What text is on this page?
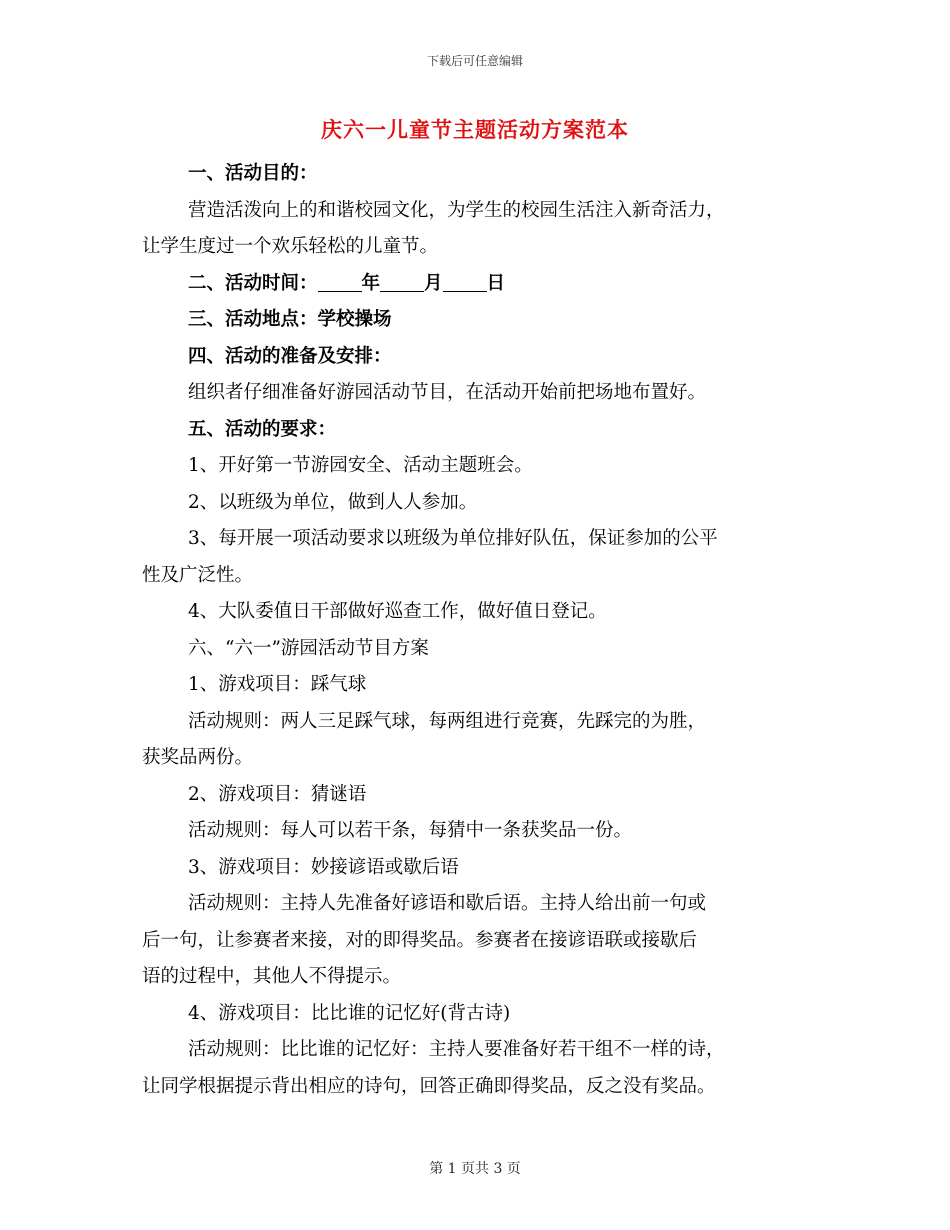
下载后可任意编辑
庆六一儿童节主题活动方案范本
一、活动目的：
营造活泼向上的和谐校园文化，为学生的校园生活注入新奇活力，
让学生度过一个欢乐轻松的儿童节。
二、活动时间： 年 月 日
三、活动地点：学校操场
四、活动的准备及安排：
组织者仔细准备好游园活动节目，在活动开始前把场地布置好。
五、活动的要求：
1、开好第一节游园安全、活动主题班会。
2、以班级为单位，做到人人参加。
3、每开展一项活动要求以班级为单位排好队伍，保证参加的公平
性及广泛性。
4、大队委值日干部做好巡查工作，做好值日登记。
六、“六一”游园活动节目方案
1、游戏项目：踩气球
活动规则：两人三足踩气球，每两组进行竞赛，先踩完的为胜，
获奖品两份。
2、游戏项目：猜谜语
活动规则：每人可以若干条，每猜中一条获奖品一份。
3、游戏项目：妙接谚语或歇后语
活动规则：主持人先准备好谚语和歇后语。主持人给出前一句或
后一句，让参赛者来接，对的即得奖品。参赛者在接谚语联或接歇后
语的过程中，其他人不得提示。
4、游戏项目：比比谁的记忆好(背古诗)
活动规则：比比谁的记忆好：主持人要准备好若干组不一样的诗，
让同学根据提示背出相应的诗句，回答正确即得奖品，反之没有奖品。
第 1 页共 3 页
